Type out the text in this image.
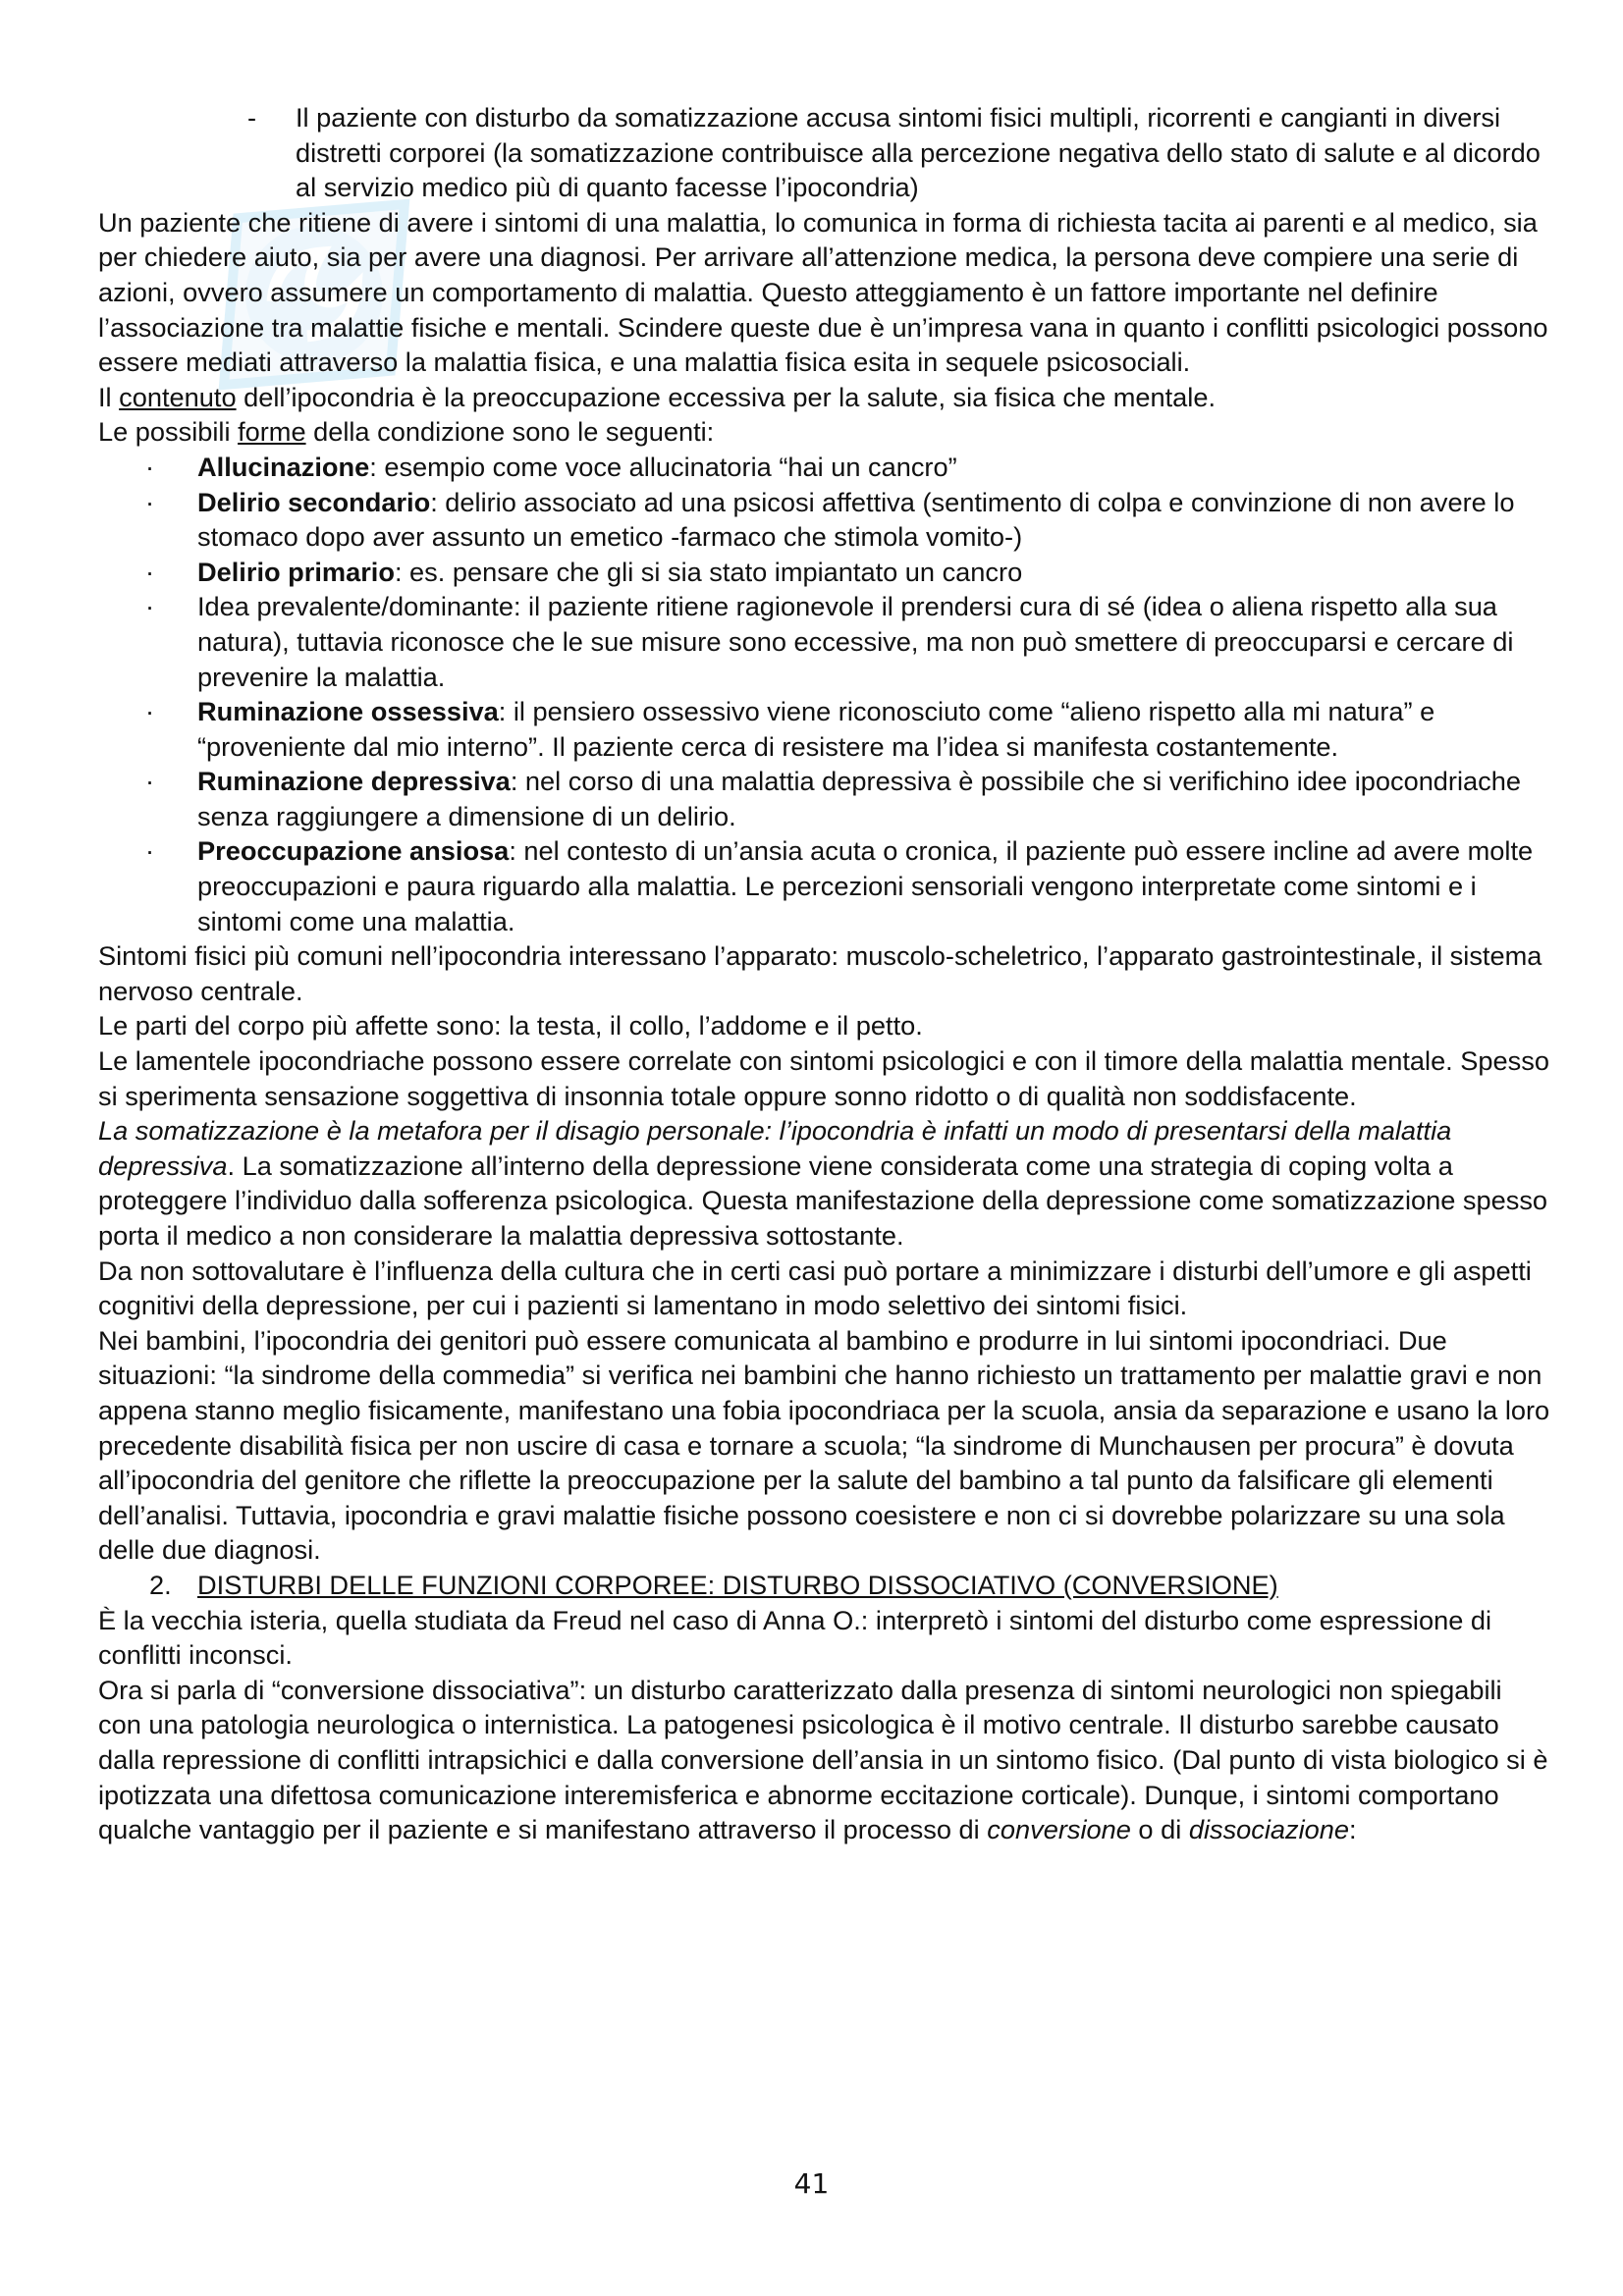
- Il paziente con disturbo da somatizzazione accusa sintomi fisici multipli, ricorrenti e cangianti in diversi distretti corporei (la somatizzazione contribuisce alla percezione negativa dello stato di salute e al dicordo al servizio medico più di quanto facesse l’ipocondria)

Un paziente che ritiene di avere i sintomi di una malattia, lo comunica in forma di richiesta tacita ai parenti e al medico, sia per chiedere aiuto, sia per avere una diagnosi. Per arrivare all’attenzione medica, la persona deve compiere una serie di azioni, ovvero assumere un comportamento di malattia. Questo atteggiamento è un fattore importante nel definire l’associazione tra malattie fisiche e mentali. Scindere queste due è un’impresa vana in quanto i conflitti psicologici possono essere mediati attraverso la malattia fisica, e una malattia fisica esita in sequele psicosociali.

Il contenuto dell’ipocondria è la preoccupazione eccessiva per la salute, sia fisica che mentale.

Le possibili forme della condizione sono le seguenti:

· Allucinazione: esempio come voce allucinatoria “hai un cancro”

· Delirio secondario: delirio associato ad una psicosi affettiva (sentimento di colpa e convinzione di non avere lo stomaco dopo aver assunto un emetico -farmaco che stimola vomito-)

· Delirio primario: es. pensare che gli si sia stato impiantato un cancro

· Idea prevalente/dominante: il paziente ritiene ragionevole il prendersi cura di sé (idea o aliena rispetto alla sua natura), tuttavia riconosce che le sue misure sono eccessive, ma non può smettere di preoccuparsi e cercare di prevenire la malattia.

· Ruminazione ossessiva: il pensiero ossessivo viene riconosciuto come “alieno rispetto alla mi natura” e “proveniente dal mio interno”. Il paziente cerca di resistere ma l’idea si manifesta costantemente.

· Ruminazione depressiva: nel corso di una malattia depressiva è possibile che si verifichino idee ipocondriache senza raggiungere a dimensione di un delirio.

· Preoccupazione ansiosa: nel contesto di un’ansia acuta o cronica, il paziente può essere incline ad avere molte preoccupazioni e paura riguardo alla malattia. Le percezioni sensoriali vengono interpretate come sintomi e i sintomi come una malattia.

Sintomi fisici più comuni nell’ipocondria interessano l’apparato: muscolo-scheletrico, l’apparato gastrointestinale, il sistema nervoso centrale.

Le parti del corpo più affette sono: la testa, il collo, l’addome e il petto.

Le lamentele ipocondriache possono essere correlate con sintomi psicologici e con il timore della malattia mentale. Spesso si sperimenta sensazione soggettiva di insonnia totale oppure sonno ridotto o di qualità non soddisfacente.

La somatizzazione è la metafora per il disagio personale: l’ipocondria è infatti un modo di presentarsi della malattia depressiva. La somatizzazione all’interno della depressione viene considerata come una strategia di coping volta a proteggere l’individuo dalla sofferenza psicologica. Questa manifestazione della depressione come somatizzazione spesso porta il medico a non considerare la malattia depressiva sottostante.

Da non sottovalutare è l’influenza della cultura che in certi casi può portare a minimizzare i disturbi dell’umore e gli aspetti cognitivi della depressione, per cui i pazienti si lamentano in modo selettivo dei sintomi fisici.

Nei bambini, l’ipocondria dei genitori può essere comunicata al bambino e produrre in lui sintomi ipocondriaci. Due situazioni: “la sindrome della commedia” si verifica nei bambini che hanno richiesto un trattamento per malattie gravi e non appena stanno meglio fisicamente, manifestano una fobia ipocondriaca per la scuola, ansia da separazione e usano la loro precedente disabilità fisica per non uscire di casa e tornare a scuola; “la sindrome di Munchausen per procura” è dovuta all’ipocondria del genitore che riflette la preoccupazione per la salute del bambino a tal punto da falsificare gli elementi dell’analisi. Tuttavia, ipocondria e gravi malattie fisiche possono coesistere e non ci si dovrebbe polarizzare su una sola delle due diagnosi.

2. DISTURBI DELLE FUNZIONI CORPOREE: DISTURBO DISSOCIATIVO (CONVERSIONE)

È la vecchia isteria, quella studiata da Freud nel caso di Anna O.: interpretò i sintomi del disturbo come espressione di conflitti inconsci.

Ora si parla di “conversione dissociativa”: un disturbo caratterizzato dalla presenza di sintomi neurologici non spiegabili con una patologia neurologica o internistica. La patogenesi psicologica è il motivo centrale. Il disturbo sarebbe causato dalla repressione di conflitti intrapsichici e dalla conversione dell’ansia in un sintomo fisico. (Dal punto di vista biologico si è ipotizzata una difettosa comunicazione interemisferica e abnorme eccitazione corticale). Dunque, i sintomi comportano qualche vantaggio per il paziente e si manifestano attraverso il processo di conversione o di dissociazione:

41
